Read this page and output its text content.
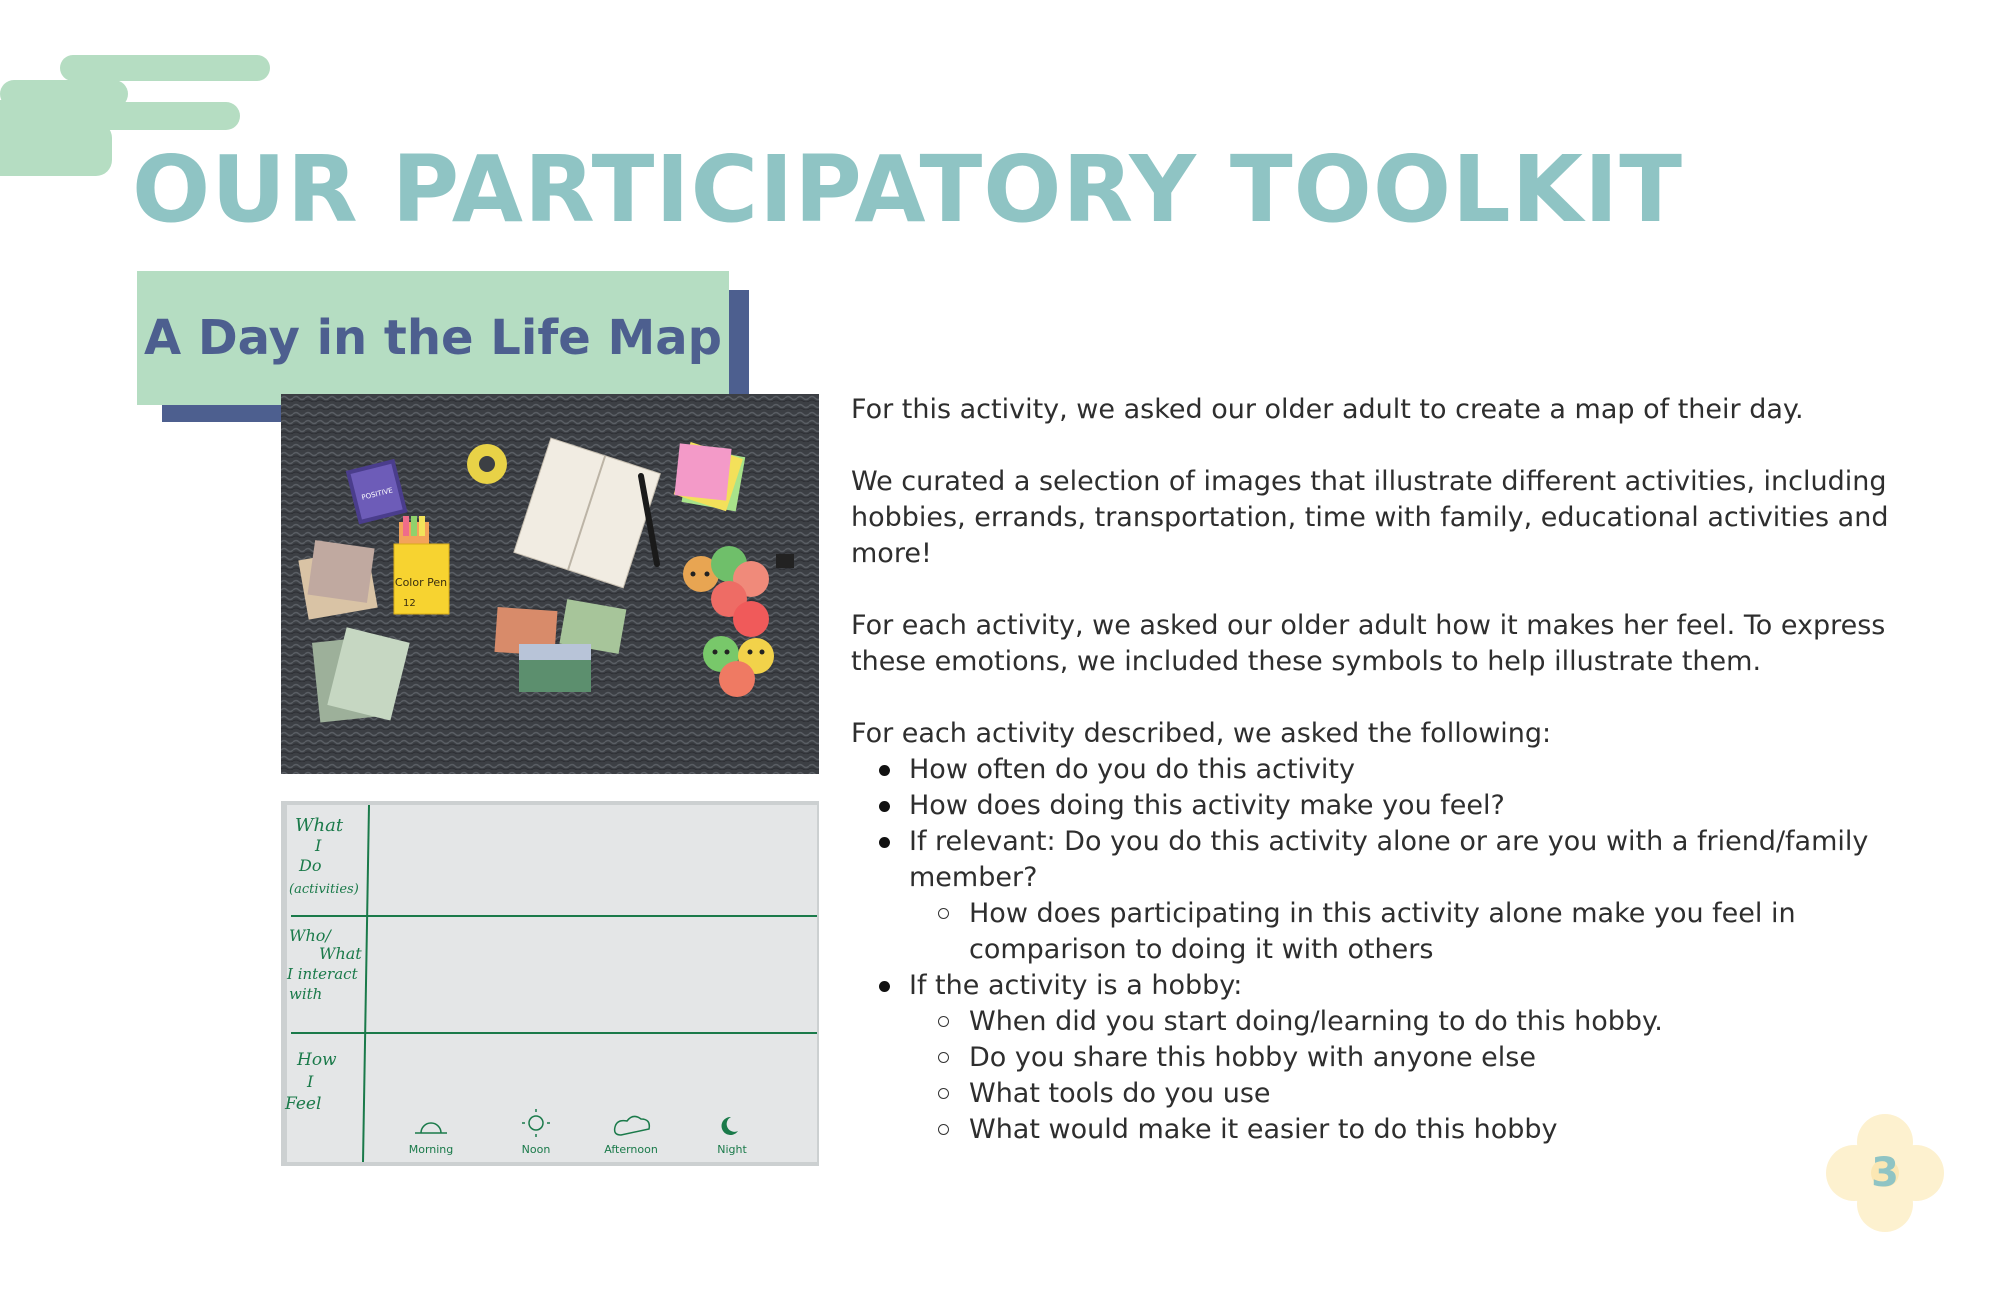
OUR PARTICIPATORY TOOLKIT
A Day in the Life Map
POSITIVE
Color Pen
12
What
I
Do
(activities)
Who/
What
I interact
with
How
I
Feel
Morning	Noon	Afternoon	Night

For this activity, we asked our older adult to create a map of their day.

We curated a selection of images that illustrate different activities, including hobbies, errands, transportation, time with family, educational activities and more!

For each activity, we asked our older adult how it makes her feel. To express these emotions, we included these symbols to help illustrate them.

For each activity described, we asked the following:

How often do you do this activity
How does doing this activity make you feel?
If relevant: Do you do this activity alone or are you with a friend/family member?
How does participating in this activity alone make you feel in comparison to doing it with others
If the activity is a hobby:
When did you start doing/learning to do this hobby.
Do you share this hobby with anyone else
What tools do you use
What would make it easier to do this hobby
3
